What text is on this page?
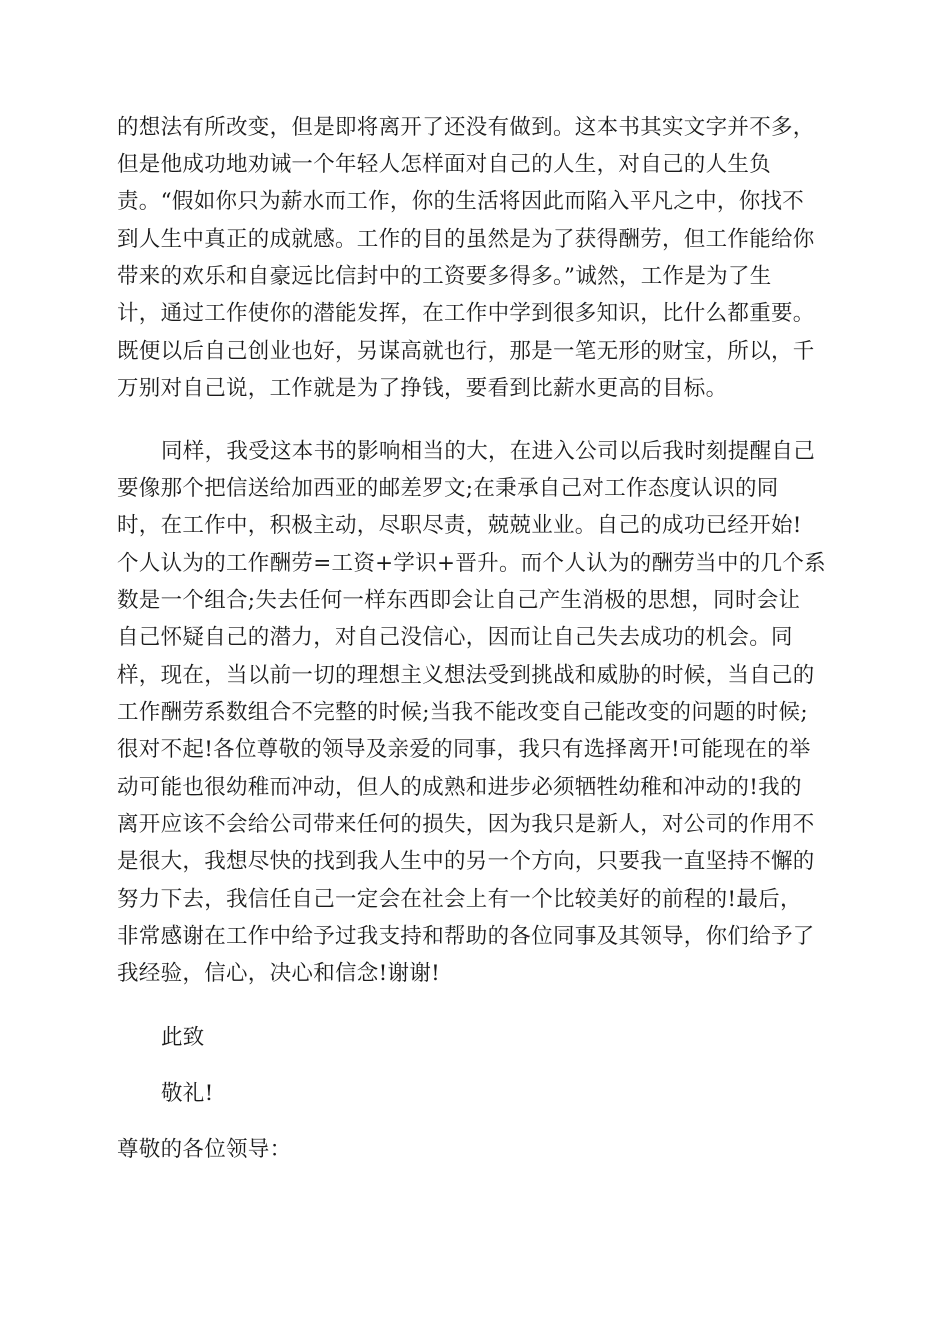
的想法有所改变，但是即将离开了还没有做到。这本书其实文字并不多，
但是他成功地劝诫一个年轻人怎样面对自己的人生，对自己的人生负
责。“假如你只为薪水而工作，你的生活将因此而陷入平凡之中，你找不
到人生中真正的成就感。工作的目的虽然是为了获得酬劳，但工作能给你
带来的欢乐和自豪远比信封中的工资要多得多。”诚然，工作是为了生
计，通过工作使你的潜能发挥，在工作中学到很多知识，比什么都重要。
既便以后自己创业也好，另谋高就也行，那是一笔无形的财宝，所以，千
万别对自己说，工作就是为了挣钱，要看到比薪水更高的目标。
同样，我受这本书的影响相当的大，在进入公司以后我时刻提醒自己
要像那个把信送给加西亚的邮差罗文;在秉承自己对工作态度认识的同
时，在工作中，积极主动，尽职尽责，兢兢业业。自己的成功已经开始!
个人认为的工作酬劳=工资+学识+晋升。而个人认为的酬劳当中的几个系
数是一个组合;失去任何一样东西即会让自己产生消极的思想，同时会让
自己怀疑自己的潜力，对自己没信心，因而让自己失去成功的机会。同
样，现在，当以前一切的理想主义想法受到挑战和威胁的时候，当自己的
工作酬劳系数组合不完整的时候;当我不能改变自己能改变的问题的时候;
很对不起!各位尊敬的领导及亲爱的同事，我只有选择离开!可能现在的举
动可能也很幼稚而冲动，但人的成熟和进步必须牺牲幼稚和冲动的!我的
离开应该不会给公司带来任何的损失，因为我只是新人，对公司的作用不
是很大，我想尽快的找到我人生中的另一个方向，只要我一直坚持不懈的
努力下去，我信任自己一定会在社会上有一个比较美好的前程的!最后，
非常感谢在工作中给予过我支持和帮助的各位同事及其领导，你们给予了
我经验，信心，决心和信念!谢谢!
此致
敬礼!
尊敬的各位领导：
